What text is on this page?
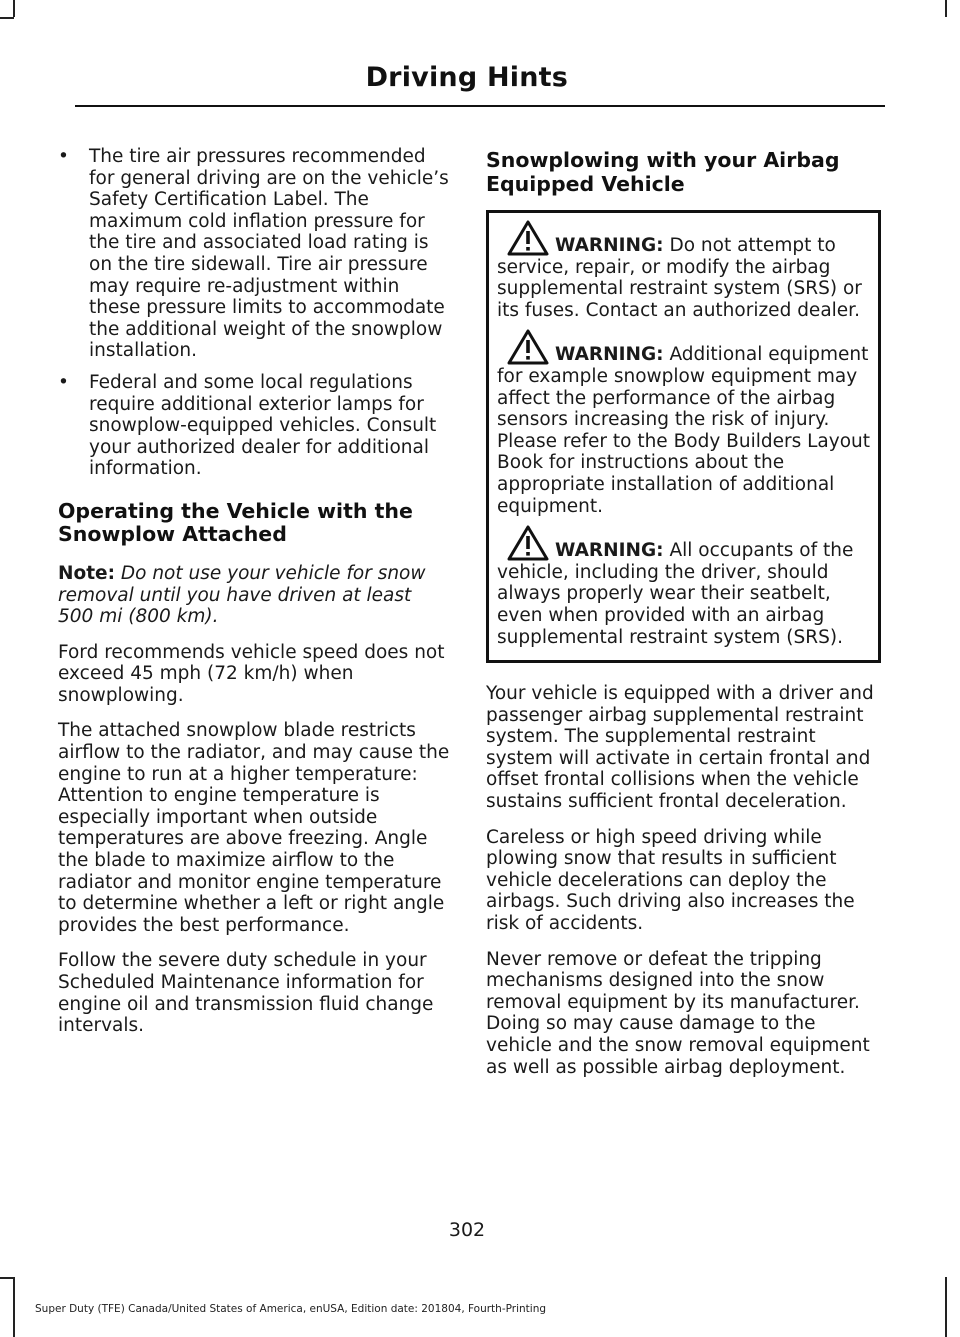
Driving Hints
• The tire air pressures recommended for general driving are on the vehicle’s Safety Certification Label. The maximum cold inflation pressure for the tire and associated load rating is on the tire sidewall. Tire air pressure may require re-adjustment within these pressure limits to accommodate the additional weight of the snowplow installation.
• Federal and some local regulations require additional exterior lamps for snowplow-equipped vehicles. Consult your authorized dealer for additional information.
Operating the Vehicle with the Snowplow Attached

Note: Do not use your vehicle for snow removal until you have driven at least 500 mi (800 km).

Ford recommends vehicle speed does not exceed 45 mph (72 km/h) when snowplowing.

The attached snowplow blade restricts airflow to the radiator, and may cause the engine to run at a higher temperature: Attention to engine temperature is especially important when outside temperatures are above freezing. Angle the blade to maximize airflow to the radiator and monitor engine temperature to determine whether a left or right angle provides the best performance.

Follow the severe duty schedule in your Scheduled Maintenance information for engine oil and transmission fluid change intervals.

Snowplowing with your Airbag Equipped Vehicle
WARNING: Do not attempt to service, repair, or modify the airbag supplemental restraint system (SRS) or its fuses. Contact an authorized dealer.
WARNING: Additional equipment for example snowplow equipment may affect the performance of the airbag sensors increasing the risk of injury. Please refer to the Body Builders Layout Book for instructions about the appropriate installation of additional equipment.
WARNING: All occupants of the vehicle, including the driver, should always properly wear their seatbelt, even when provided with an airbag supplemental restraint system (SRS).

Your vehicle is equipped with a driver and passenger airbag supplemental restraint system. The supplemental restraint system will activate in certain frontal and offset frontal collisions when the vehicle sustains sufficient frontal deceleration.

Careless or high speed driving while plowing snow that results in sufficient vehicle decelerations can deploy the airbags. Such driving also increases the risk of accidents.

Never remove or defeat the tripping mechanisms designed into the snow removal equipment by its manufacturer. Doing so may cause damage to the vehicle and the snow removal equipment as well as possible airbag deployment.

302
Super Duty (TFE) Canada/United States of America, enUSA, Edition date: 201804, Fourth-Printing
